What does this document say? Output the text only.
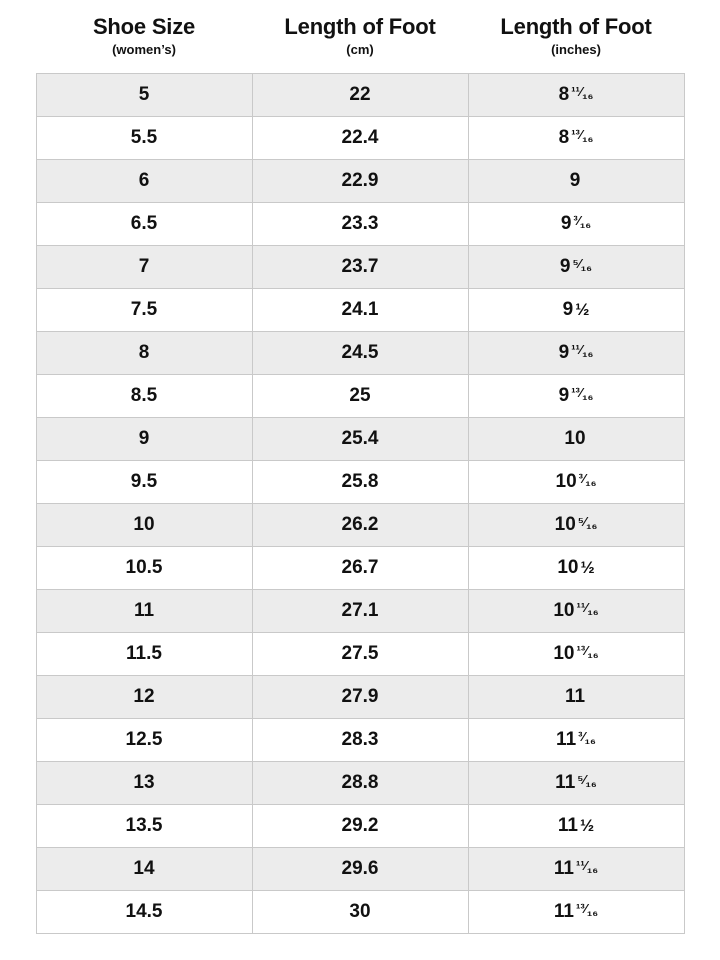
Shoe Size
(women’s)

Length of Foot
(cm)

Length of Foot
(inches)

5	22	8 ¹¹⁄₁₆
5.5	22.4	8 ¹³⁄₁₆
6	22.9	9
6.5	23.3	9 ³⁄₁₆
7	23.7	9 ⁵⁄₁₆
7.5	24.1	9 ½
8	24.5	9 ¹¹⁄₁₆
8.5	25	9 ¹³⁄₁₆
9	25.4	10
9.5	25.8	10 ³⁄₁₆
10	26.2	10 ⁵⁄₁₆
10.5	26.7	10 ½
11	27.1	10 ¹¹⁄₁₆
11.5	27.5	10 ¹³⁄₁₆
12	27.9	11
12.5	28.3	11 ³⁄₁₆
13	28.8	11 ⁵⁄₁₆
13.5	29.2	11 ½
14	29.6	11 ¹¹⁄₁₆
14.5	30	11 ¹³⁄₁₆
